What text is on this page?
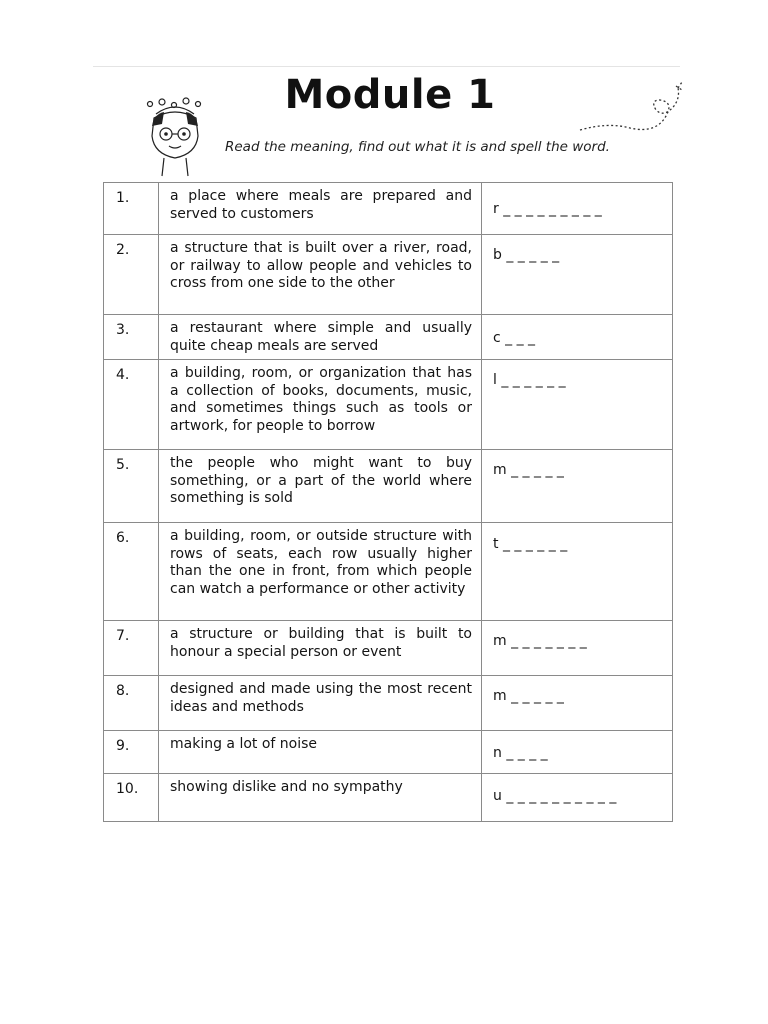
Module 1
Read the meaning, find out what it is and spell the word.
1.	a place where meals are prepared and served to customers	r _ _ _ _ _ _ _ _ _

2.	a structure that is built over a river, road, or railway to allow people and vehicles to cross from one side to the other	b _ _ _ _ _

3.	a restaurant where simple and usually quite cheap meals are served	c _ _ _

4.	a building, room, or organization that has a collection of books, documents, music, and sometimes things such as tools or artwork, for people to borrow	l _ _ _ _ _ _

5.	the people who might want to buy something, or a part of the world where something is sold	m _ _ _ _ _

6.	a building, room, or outside structure with rows of seats, each row usually higher than the one in front, from which people can watch a performance or other activity	t _ _ _ _ _ _

7.	a structure or building that is built to honour a special person or event	m _ _ _ _ _ _ _

8.	designed and made using the most recent ideas and methods	m _ _ _ _ _

9.	making a lot of noise	n _ _ _ _

10.	showing dislike and no sympathy	u _ _ _ _ _ _ _ _ _ _
